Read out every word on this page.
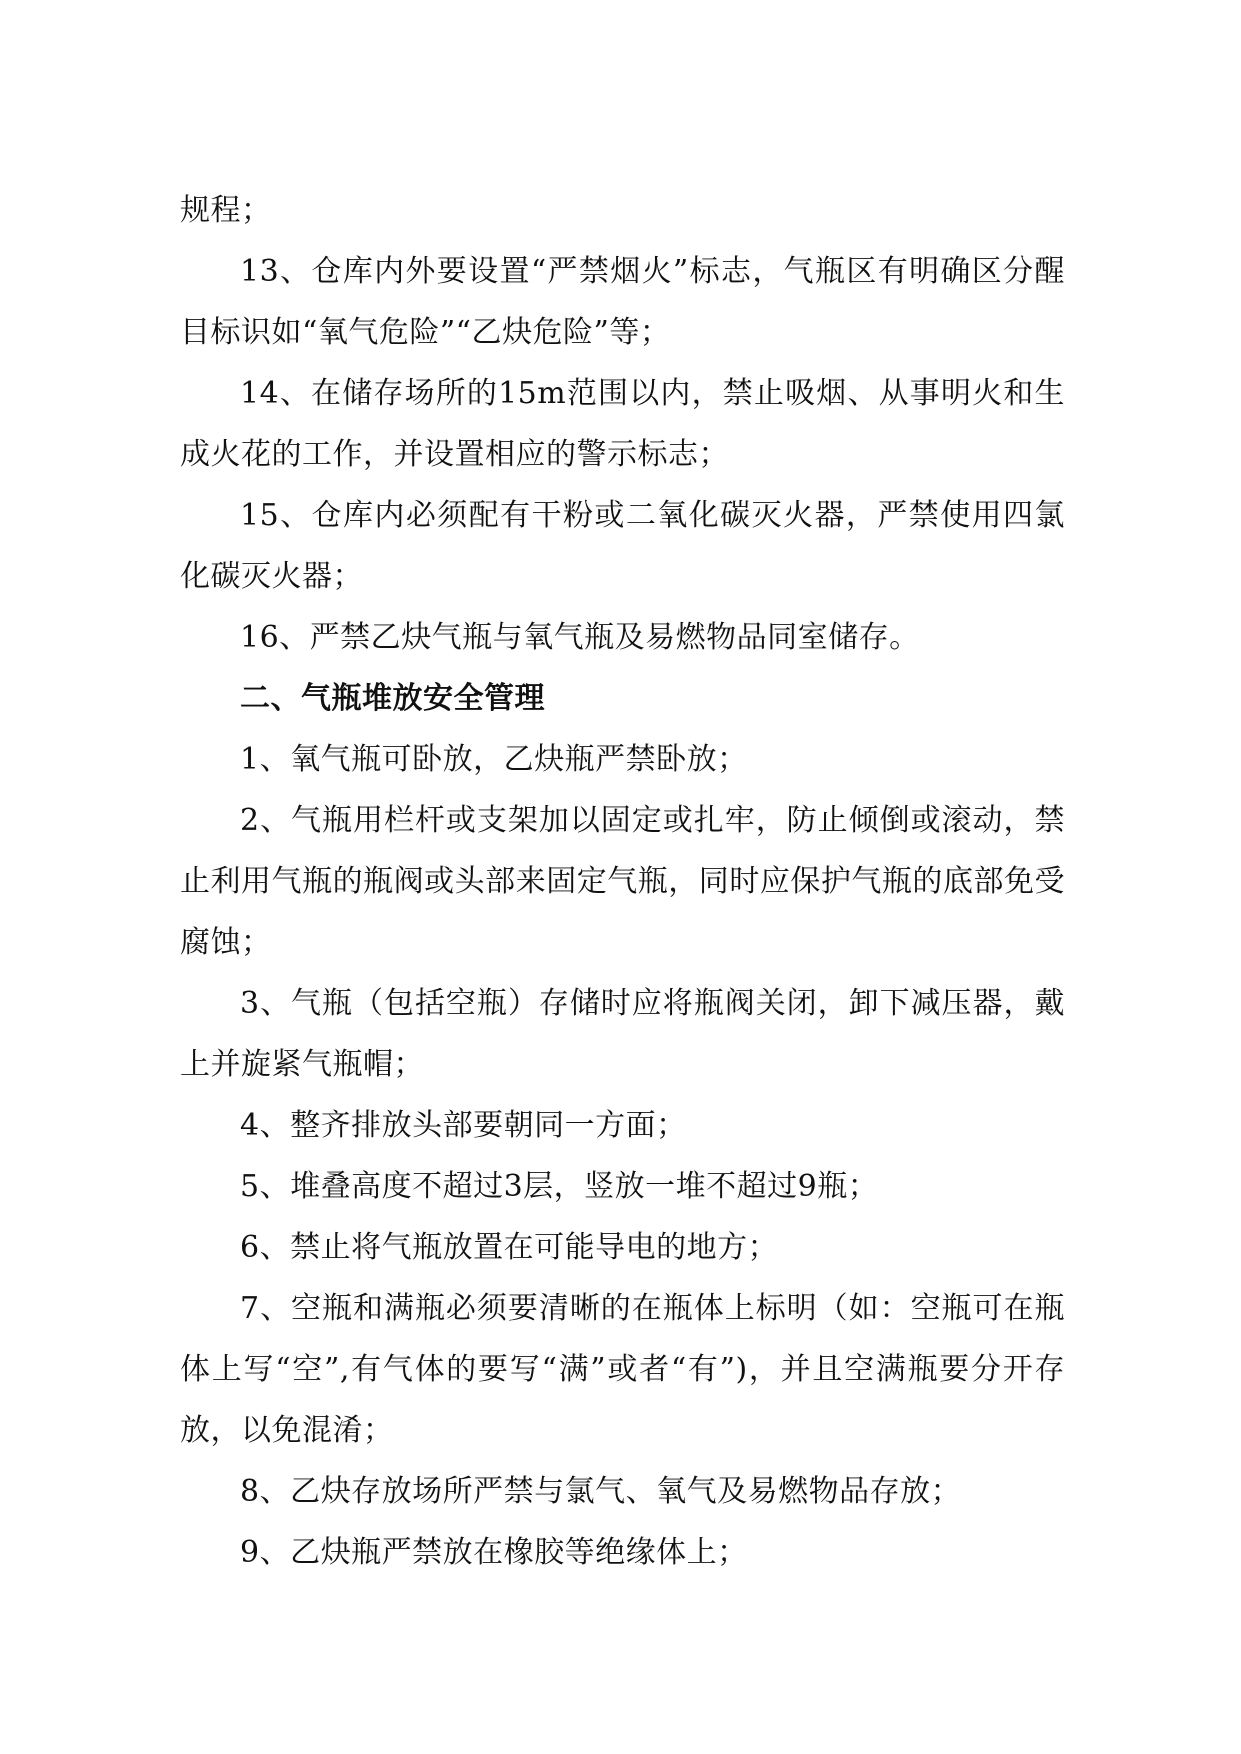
规程；

13、仓库内外要设置“严禁烟火”标志，气瓶区有明确区分醒目标识如“氧气危险”“乙炔危险”等；

14、在储存场所的15m范围以内，禁止吸烟、从事明火和生成火花的工作，并设置相应的警示标志；

15、仓库内必须配有干粉或二氧化碳灭火器，严禁使用四氯化碳灭火器；

16、严禁乙炔气瓶与氧气瓶及易燃物品同室储存。

二、气瓶堆放安全管理

1、氧气瓶可卧放，乙炔瓶严禁卧放；

2、气瓶用栏杆或支架加以固定或扎牢，防止倾倒或滚动，禁止利用气瓶的瓶阀或头部来固定气瓶，同时应保护气瓶的底部免受腐蚀；

3、气瓶（包括空瓶）存储时应将瓶阀关闭，卸下减压器，戴上并旋紧气瓶帽；

4、整齐排放头部要朝同一方面；

5、堆叠高度不超过3层，竖放一堆不超过9瓶；

6、禁止将气瓶放置在可能导电的地方；

7、空瓶和满瓶必须要清晰的在瓶体上标明（如：空瓶可在瓶体上写“空”,有气体的要写“满”或者“有”)，并且空满瓶要分开存放，以免混淆；

8、乙炔存放场所严禁与氯气、氧气及易燃物品存放；

9、乙炔瓶严禁放在橡胶等绝缘体上；
